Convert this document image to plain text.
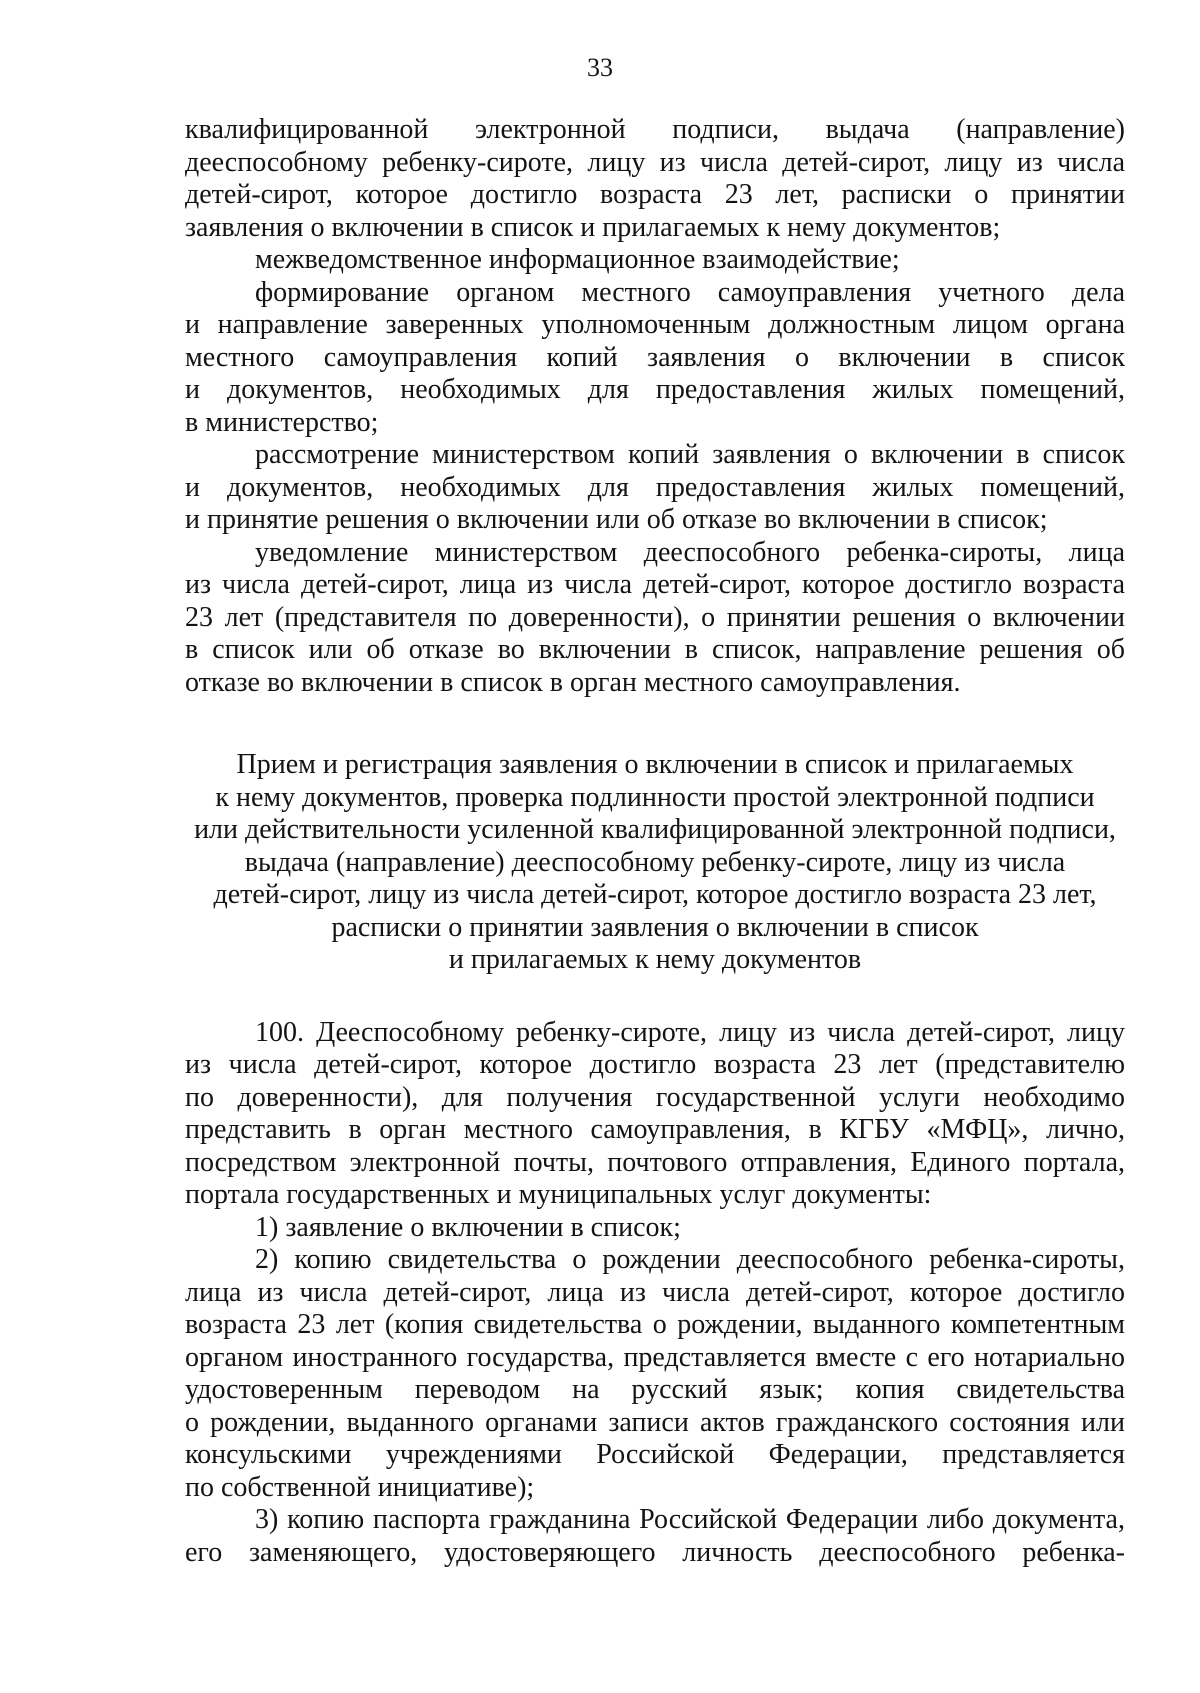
33
квалифицированной электронной подписи, выдача (направление)
дееспособному ребенку-сироте, лицу из числа детей-сирот, лицу из числа
детей-сирот, которое достигло возраста 23 лет, расписки о принятии
заявления о включении в список и прилагаемых к нему документов;
межведомственное информационное взаимодействие;
формирование органом местного самоуправления учетного дела
и направление заверенных уполномоченным должностным лицом органа
местного самоуправления копий заявления о включении в список
и документов, необходимых для предоставления жилых помещений,
в министерство;
рассмотрение министерством копий заявления о включении в список
и документов, необходимых для предоставления жилых помещений,
и принятие решения о включении или об отказе во включении в список;
уведомление министерством дееспособного ребенка-сироты, лица
из числа детей-сирот, лица из числа детей-сирот, которое достигло возраста
23 лет (представителя по доверенности), о принятии решения о включении
в список или об отказе во включении в список, направление решения об
отказе во включении в список в орган местного самоуправления.
Прием и регистрация заявления о включении в список и прилагаемых
к нему документов, проверка подлинности простой электронной подписи
или действительности усиленной квалифицированной электронной подписи,
выдача (направление) дееспособному ребенку-сироте, лицу из числа
детей-сирот, лицу из числа детей-сирот, которое достигло возраста 23 лет,
расписки о принятии заявления о включении в список
и прилагаемых к нему документов
100. Дееспособному ребенку-сироте, лицу из числа детей-сирот, лицу
из числа детей-сирот, которое достигло возраста 23 лет (представителю
по доверенности), для получения государственной услуги необходимо
представить в орган местного самоуправления, в КГБУ «МФЦ», лично,
посредством электронной почты, почтового отправления, Единого портала,
портала государственных и муниципальных услуг документы:
1) заявление о включении в список;
2) копию свидетельства о рождении дееспособного ребенка-сироты,
лица из числа детей-сирот, лица из числа детей-сирот, которое достигло
возраста 23 лет (копия свидетельства о рождении, выданного компетентным
органом иностранного государства, представляется вместе с его нотариально
удостоверенным переводом на русский язык; копия свидетельства
о рождении, выданного органами записи актов гражданского состояния или
консульскими учреждениями Российской Федерации, представляется
по собственной инициативе);
3) копию паспорта гражданина Российской Федерации либо документа,
его заменяющего, удостоверяющего личность дееспособного ребенка-
